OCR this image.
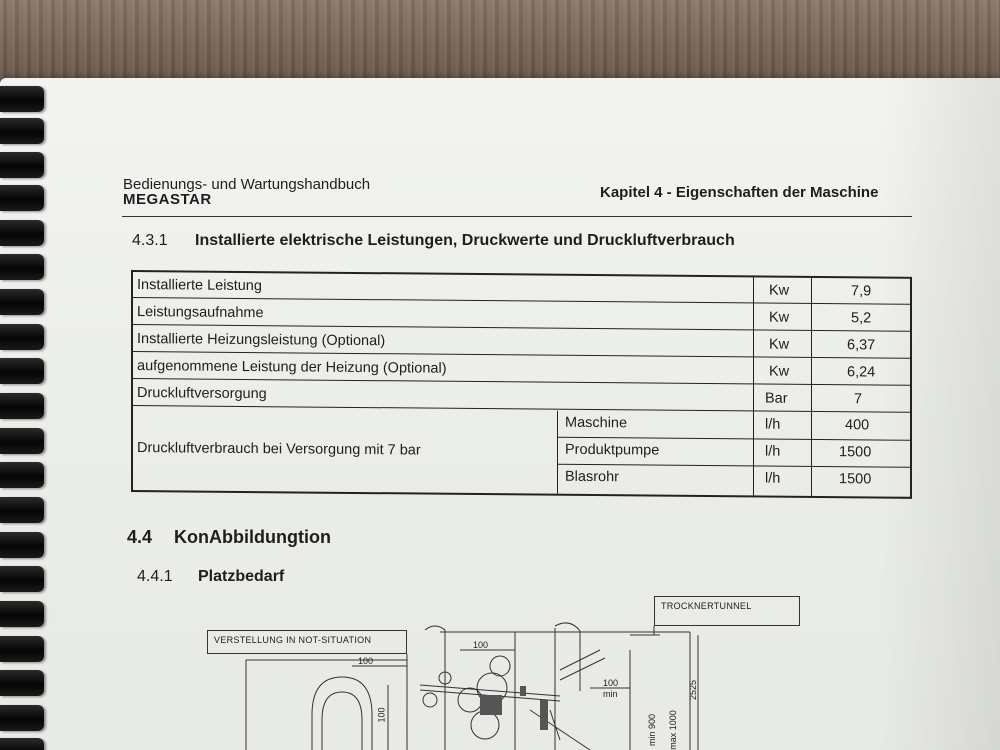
Bedienungs- und Wartungshandbuch
MEGASTAR	Kapitel 4 - Eigenschaften der Maschine
4.3.1 Installierte elektrische Leistungen, Druckwerte und Druckluftverbrauch
Installierte Leistung	Kw	7,9
Leistungsaufnahme	Kw	5,2
Installierte Heizungsleistung (Optional)	Kw	6,37
aufgenommene Leistung der Heizung (Optional)	Kw	6,24
Druckluftversorgung	Bar	7
Druckluftverbrauch bei Versorgung mit 7 bar
Maschine	l/h	400
Produktpumpe	l/h	1500
Blasrohr	l/h	1500
4.4 KonAbbildungtion
4.4.1 Platzbedarf
TROCKNERTUNNEL
VERSTELLUNG IN NOT-SITUATION
100
100
100
min
100
2525
min 900 max 1000
